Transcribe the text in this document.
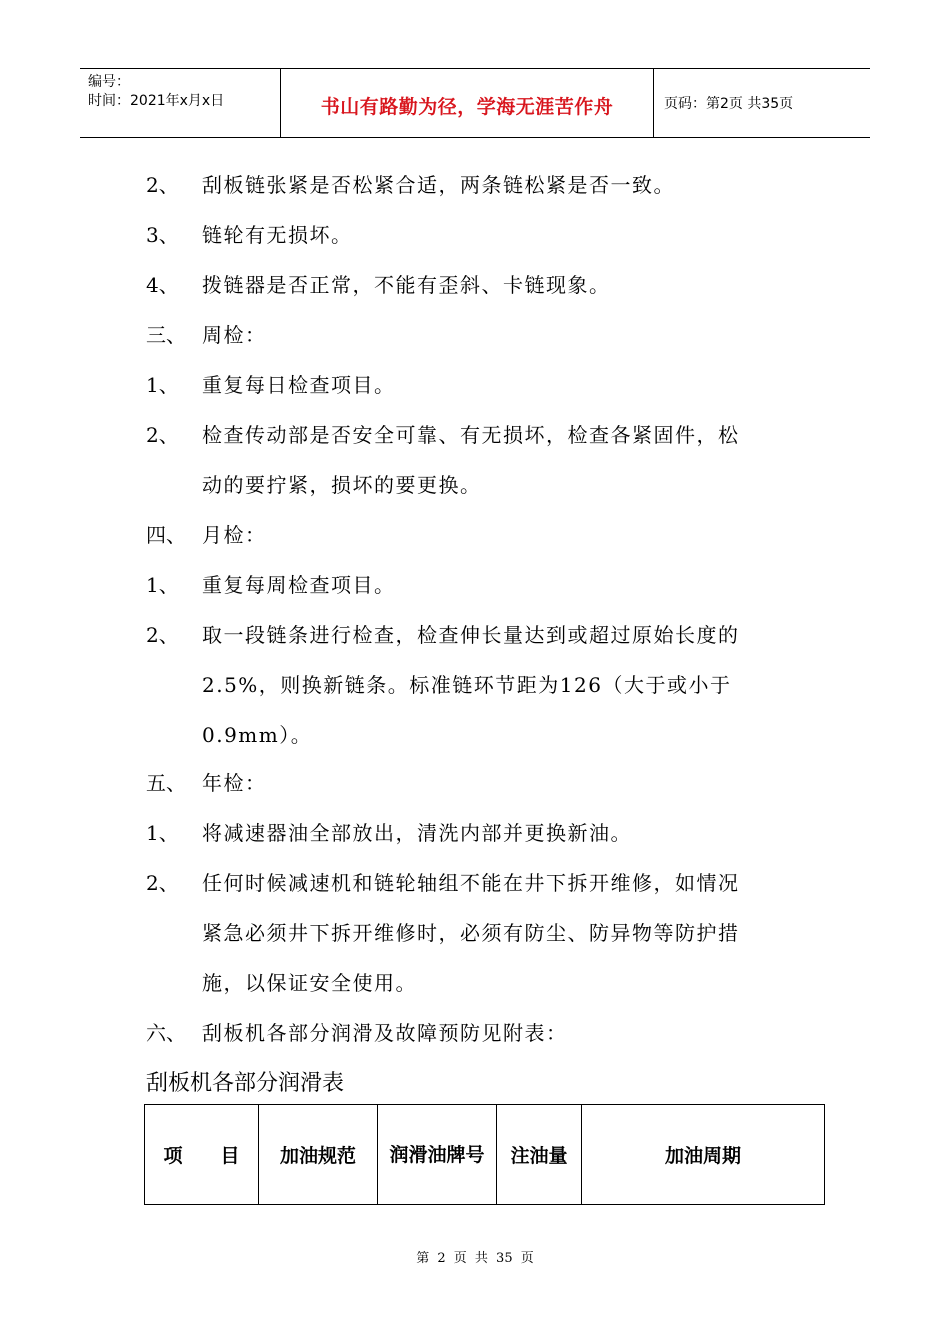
编号：
时间：2021年x月x日	书山有路勤为径，学海无涯苦作舟	页码：第2页 共35页
2、 刮板链张紧是否松紧合适，两条链松紧是否一致。
3、 链轮有无损坏。
4、 拨链器是否正常，不能有歪斜、卡链现象。
三、 周检：
1、 重复每日检查项目。
2、 检查传动部是否安全可靠、有无损坏，检查各紧固件，松
动的要拧紧，损坏的要更换。
四、 月检：
1、 重复每周检查项目。
2、 取一段链条进行检查，检查伸长量达到或超过原始长度的
2.5%，则换新链条。标准链环节距为126（大于或小于
0.9mm）。
五、 年检：
1、 将减速器油全部放出，清洗内部并更换新油。
2、 任何时候减速机和链轮轴组不能在井下拆开维修，如情况
紧急必须井下拆开维修时，必须有防尘、防异物等防护措
施，以保证安全使用。
六、 刮板机各部分润滑及故障预防见附表：
刮板机各部分润滑表
项　　目	加油规范	润滑油牌号	注油量	加油周期
第 2 页 共 35 页
